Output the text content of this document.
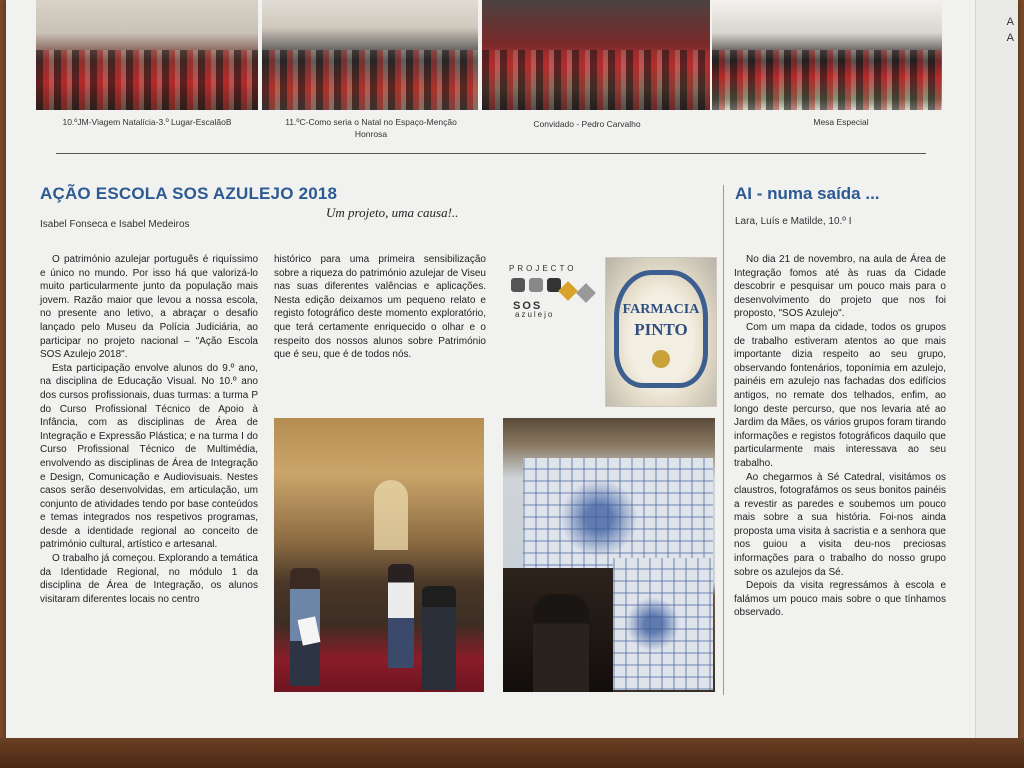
10.ºJM-Viagem Natalícia-3.º Lugar-EscalãoB	11.ºC-Como seria o Natal no Espaço-Menção Honrosa
Convidado - Pedro Carvalho	Mesa Especial
AÇÃO ESCOLA SOS AZULEJO 2018
Um projeto, uma causa!..
Isabel Fonseca e Isabel Medeiros

O património azulejar português é riquíssimo e único no mundo. Por isso há que valorizá-lo muito particularmente junto da população mais jovem. Razão maior que levou a nossa escola, no presente ano letivo, a abraçar o desafio lançado pelo Museu da Polícia Judiciária, ao participar no projeto nacional – "Ação Escola SOS Azulejo 2018".

Esta participação envolve alunos do 9.º ano, na disciplina de Educação Visual. No 10.º ano dos cursos profissionais, duas turmas: a turma P do Curso Profissional Técnico de Apoio à Infância, com as disciplinas de Área de Integração e Expressão Plástica; e na turma I do Curso Profissional Técnico de Multimédia, envolvendo as disciplinas de Área de Integração e Design, Comunicação e Audiovisuais. Nestes casos serão desenvolvidas, em articulação, um conjunto de atividades tendo por base conteúdos e temas integrados nos respetivos programas, desde a identidade regional ao conceito de património cultural, artístico e artesanal.

O trabalho já começou. Explorando a temática da Identidade Regional, no módulo 1 da disciplina de Área de Integração, os alunos visitaram diferentes locais no centro

histórico para uma primeira sensibilização sobre a riqueza do património azulejar de Viseu nas suas diferentes valências e aplicações. Nesta edição deixamos um pequeno relato e registo fotográfico deste momento exploratório, que terá certamente enriquecido o olhar e o respeito dos nossos alunos sobre Património que é seu, que é de todos nós.

PROJECTO
SOS
azulejo	FARMACIA
PINTO
AI - numa saída ...
Lara, Luís e Matilde, 10.º I

No dia 21 de novembro, na aula de Área de Integração fomos até às ruas da Cidade descobrir e pesquisar um pouco mais para o desenvolvimento do projeto que nos foi proposto, "SOS Azulejo".

Com um mapa da cidade, todos os grupos de trabalho estiveram atentos ao que mais importante dizia respeito ao seu grupo, observando fontenários, toponímia em azulejo, painéis em azulejo nas fachadas dos edifícios antigos, no remate dos telhados, enfim, ao longo deste percurso, que nos levaria até ao Jardim da Mães, os vários grupos foram tirando informações e registos fotográficos daquilo que particularmente mais interessava ao seu trabalho.

Ao chegarmos à Sé Catedral, visitámos os claustros, fotografámos os seus bonitos painéis a revestir as paredes e soubemos um pouco mais sobre a sua história. Foi-nos ainda proposta uma visita à sacristia e a senhora que nos guiou a visita deu-nos preciosas informações para o trabalho do nosso grupo sobre os azulejos da Sé.

Depois da visita regressámos à escola e falámos um pouco mais sobre o que tínhamos observado.

A
A
